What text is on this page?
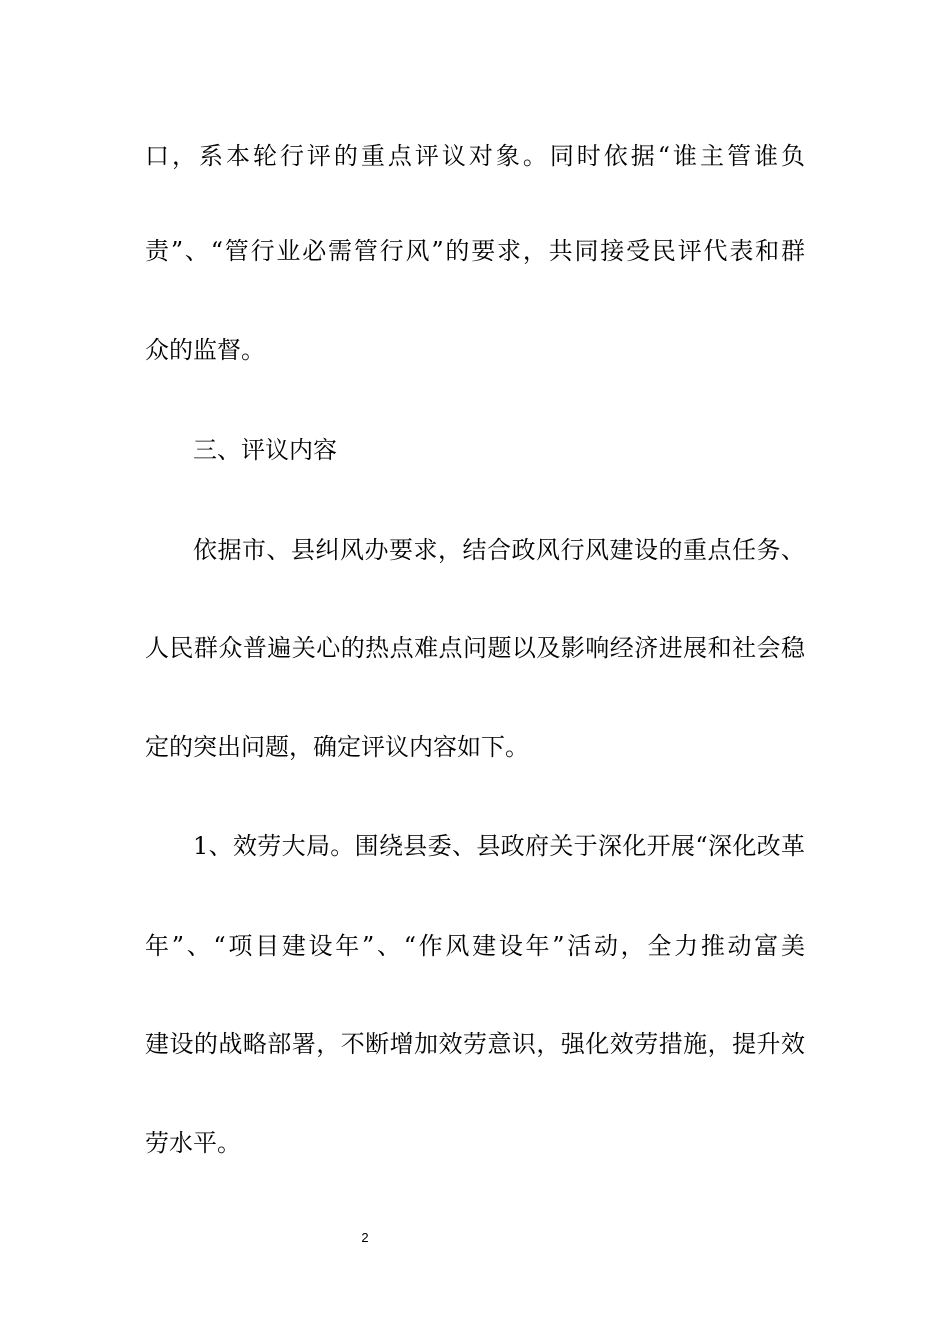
口，系本轮行评的重点评议对象。同时依据“谁主管谁负
责”、“管行业必需管行风”的要求，共同接受民评代表和群
众的监督。
三、评议内容
依据市、县纠风办要求，结合政风行风建设的重点任务、
人民群众普遍关心的热点难点问题以及影响经济进展和社会稳
定的突出问题，确定评议内容如下。
1、效劳大局。围绕县委、县政府关于深化开展“深化改革
年”、“项目建设年”、“作风建设年”活动，全力推动富美
建设的战略部署，不断增加效劳意识，强化效劳措施，提升效
劳水平。
2
